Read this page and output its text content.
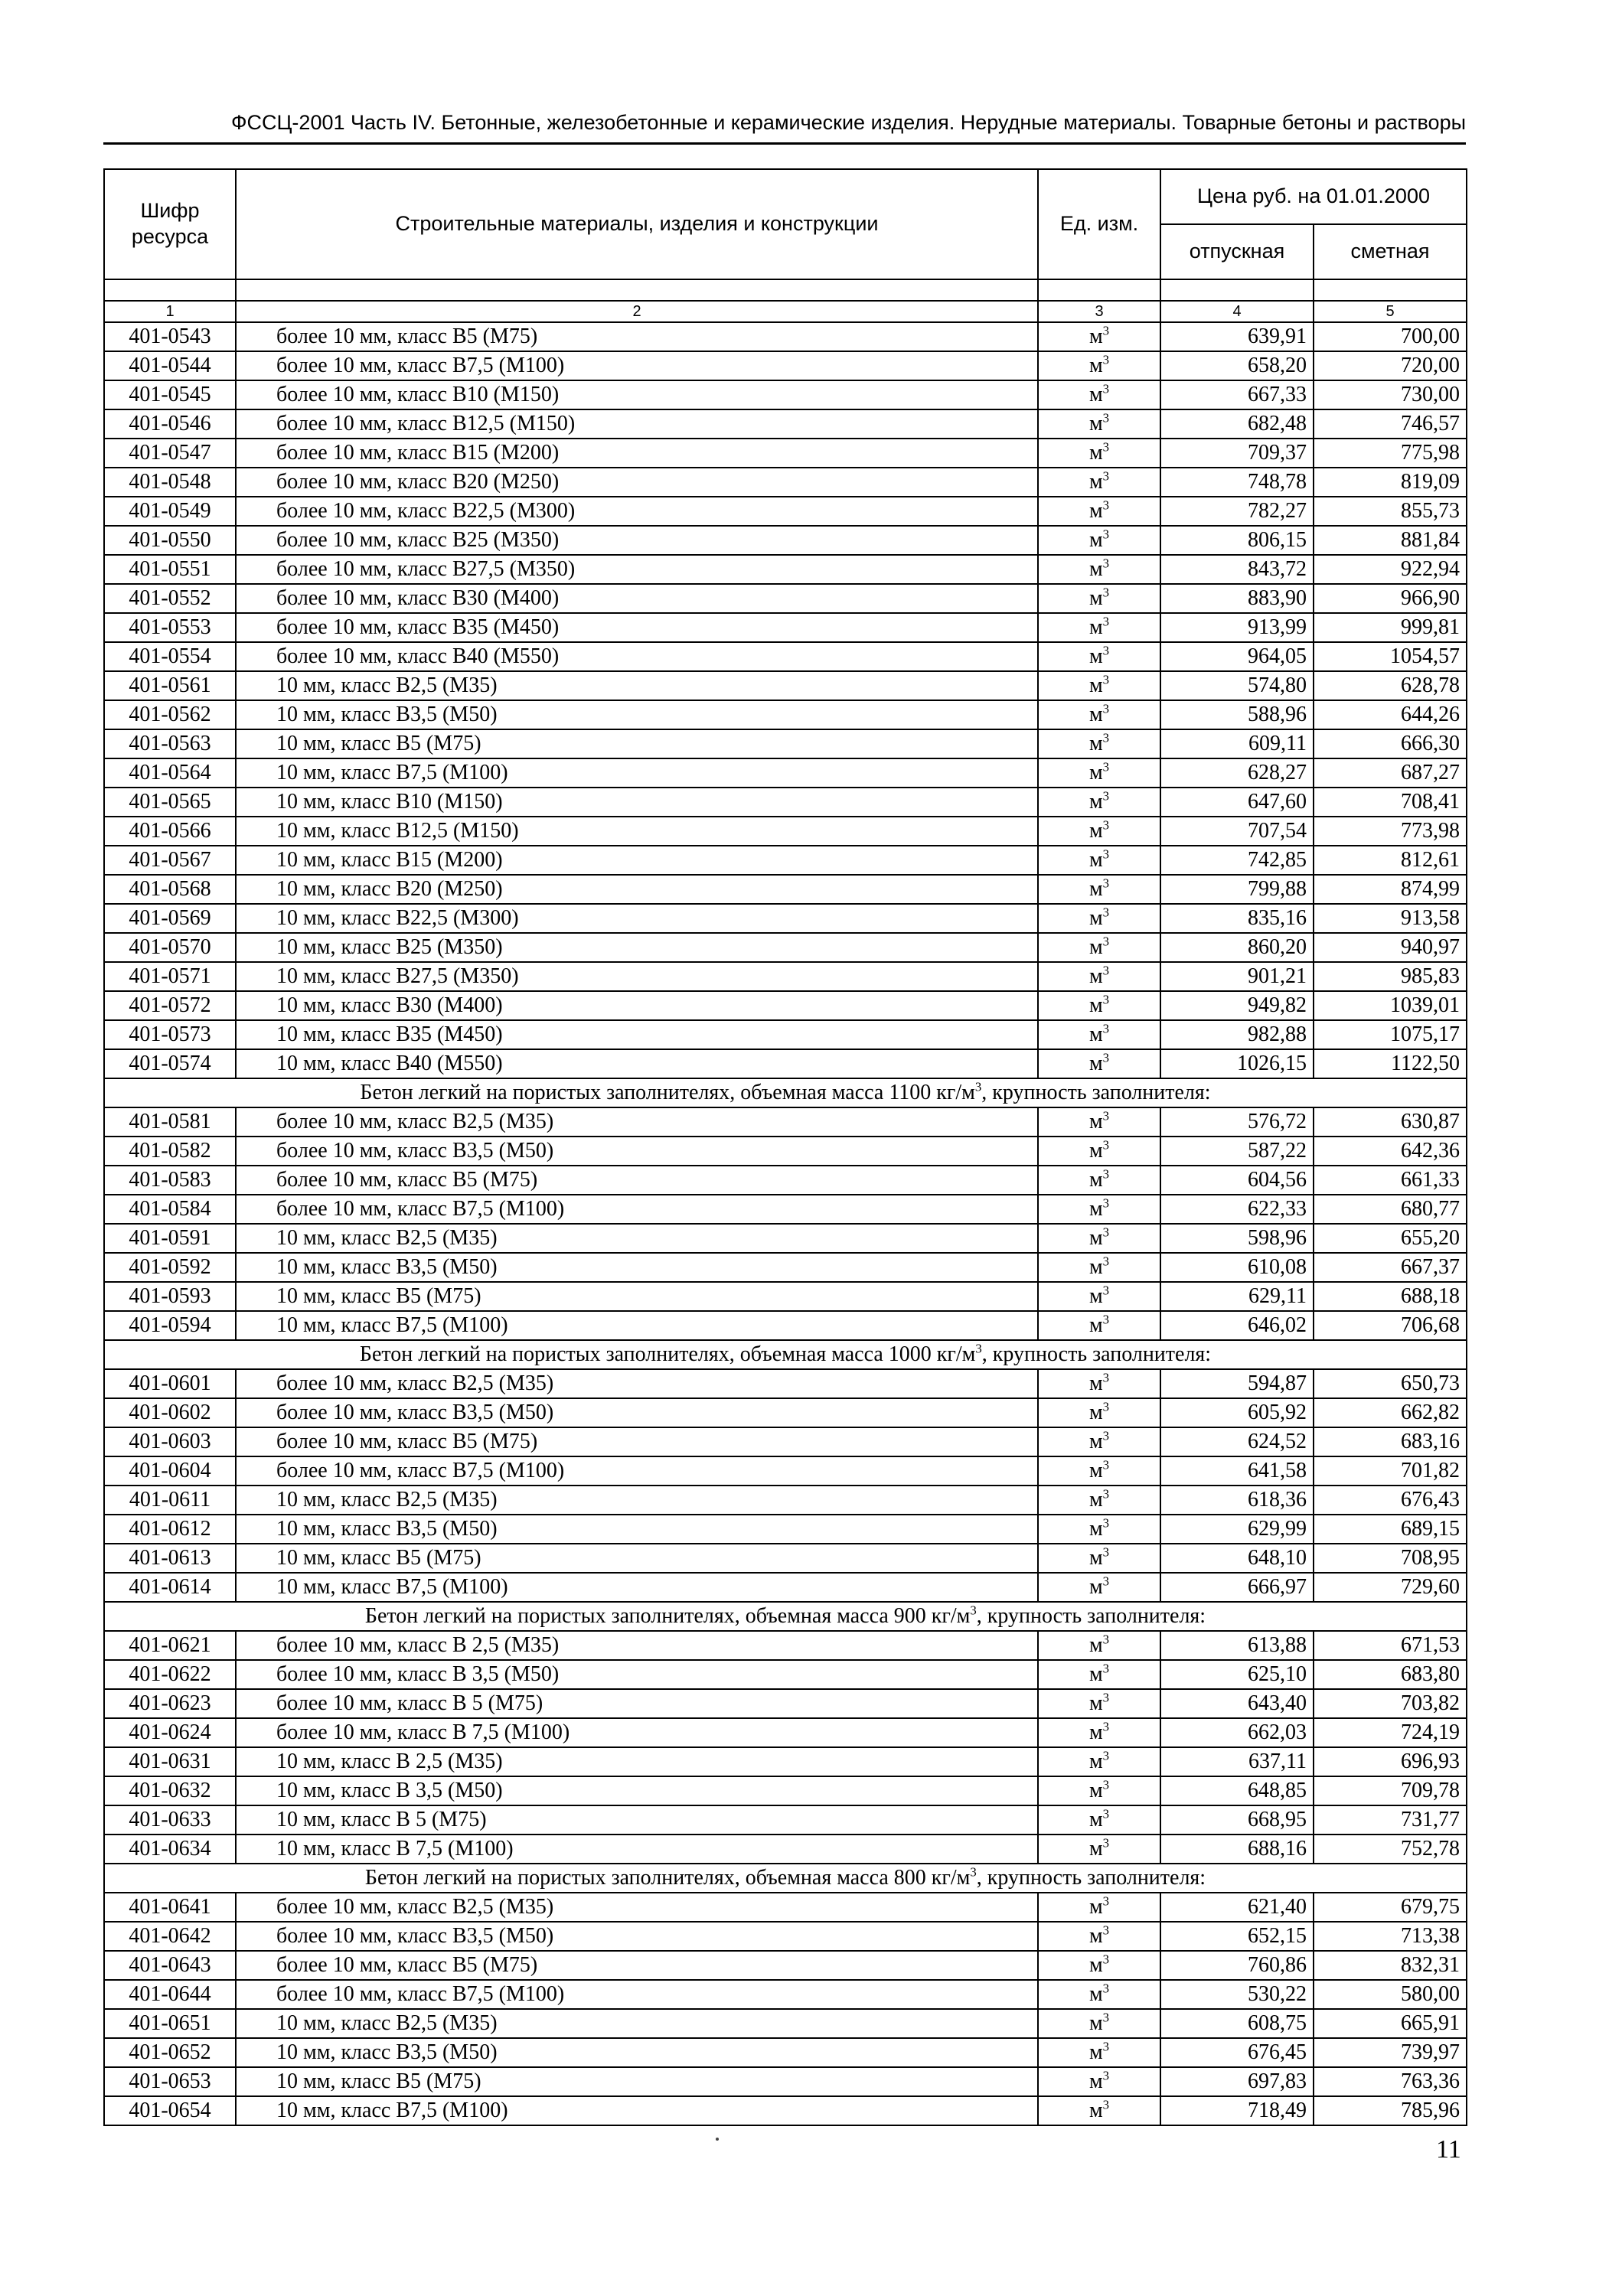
ФССЦ-2001 Часть IV. Бетонные, железобетонные и керамические изделия. Нерудные материалы. Товарные бетоны и растворы
Шифр ресурса	Строительные материалы, изделия и конструкции	Ед. изм.	Цена руб. на 01.01.2000	
			отпускная	сметная

1	2	3	4	5
401-0543	более 10 мм, класс В5 (М75)	$м^3$	639,91	700,00
401-0544	более 10 мм, класс В7,5 (М100)	$м^3$	658,20	720,00
401-0545	более 10 мм, класс В10 (М150)	$м^3$	667,33	730,00
401-0546	более 10 мм, класс В12,5 (М150)	$м^3$	682,48	746,57
401-0547	более 10 мм, класс В15 (М200)	$м^3$	709,37	775,98
401-0548	более 10 мм, класс В20 (М250)	$м^3$	748,78	819,09
401-0549	более 10 мм, класс В22,5 (М300)	$м^3$	782,27	855,73
401-0550	более 10 мм, класс В25 (М350)	$м^3$	806,15	881,84
401-0551	более 10 мм, класс В27,5 (М350)	$м^3$	843,72	922,94
401-0552	более 10 мм, класс В30 (М400)	$м^3$	883,90	966,90
401-0553	более 10 мм, класс В35 (М450)	$м^3$	913,99	999,81
401-0554	более 10 мм, класс В40 (М550)	$м^3$	964,05	1054,57
401-0561	10 мм, класс В2,5 (М35)	$м^3$	574,80	628,78
401-0562	10 мм, класс В3,5 (М50)	$м^3$	588,96	644,26
401-0563	10 мм, класс В5 (М75)	$м^3$	609,11	666,30
401-0564	10 мм, класс В7,5 (М100)	$м^3$	628,27	687,27
401-0565	10 мм, класс В10 (М150)	$м^3$	647,60	708,41
401-0566	10 мм, класс В12,5 (М150)	$м^3$	707,54	773,98
401-0567	10 мм, класс В15 (М200)	$м^3$	742,85	812,61
401-0568	10 мм, класс В20 (М250)	$м^3$	799,88	874,99
401-0569	10 мм, класс В22,5 (М300)	$м^3$	835,16	913,58
401-0570	10 мм, класс В25 (М350)	$м^3$	860,20	940,97
401-0571	10 мм, класс В27,5 (М350)	$м^3$	901,21	985,83
401-0572	10 мм, класс В30 (М400)	$м^3$	949,82	1039,01
401-0573	10 мм, класс В35 (М450)	$м^3$	982,88	1075,17
401-0574	10 мм, класс В40 (М550)	$м^3$	1026,15	1122,50
Бетон легкий на пористых заполнителях, объемная масса 1100 $кг/м^3$, крупность заполнителя:				
401-0581	более 10 мм, класс В2,5 (М35)	$м^3$	576,72	630,87
401-0582	более 10 мм, класс В3,5 (М50)	$м^3$	587,22	642,36
401-0583	более 10 мм, класс В5 (М75)	$м^3$	604,56	661,33
401-0584	более 10 мм, класс В7,5 (М100)	$м^3$	622,33	680,77
401-0591	10 мм, класс В2,5 (М35)	$м^3$	598,96	655,20
401-0592	10 мм, класс В3,5 (М50)	$м^3$	610,08	667,37
401-0593	10 мм, класс В5 (М75)	$м^3$	629,11	688,18
401-0594	10 мм, класс В7,5 (М100)	$м^3$	646,02	706,68
Бетон легкий на пористых заполнителях, объемная масса 1000 $кг/м^3$, крупность заполнителя:				
401-0601	более 10 мм, класс В2,5 (М35)	$м^3$	594,87	650,73
401-0602	более 10 мм, класс В3,5 (М50)	$м^3$	605,92	662,82
401-0603	более 10 мм, класс В5 (М75)	$м^3$	624,52	683,16
401-0604	более 10 мм, класс В7,5 (М100)	$м^3$	641,58	701,82
401-0611	10 мм, класс В2,5 (М35)	$м^3$	618,36	676,43
401-0612	10 мм, класс В3,5 (М50)	$м^3$	629,99	689,15
401-0613	10 мм, класс В5 (М75)	$м^3$	648,10	708,95
401-0614	10 мм, класс В7,5 (М100)	$м^3$	666,97	729,60
Бетон легкий на пористых заполнителях, объемная масса 900 $кг/м^3$, крупность заполнителя:				
401-0621	более 10 мм, класс В 2,5 (М35)	$м^3$	613,88	671,53
401-0622	более 10 мм, класс В 3,5 (М50)	$м^3$	625,10	683,80
401-0623	более 10 мм, класс В 5 (М75)	$м^3$	643,40	703,82
401-0624	более 10 мм, класс В 7,5 (М100)	$м^3$	662,03	724,19
401-0631	10 мм, класс В 2,5 (М35)	$м^3$	637,11	696,93
401-0632	10 мм, класс В 3,5 (М50)	$м^3$	648,85	709,78
401-0633	10 мм, класс В 5 (М75)	$м^3$	668,95	731,77
401-0634	10 мм, класс В 7,5 (М100)	$м^3$	688,16	752,78
Бетон легкий на пористых заполнителях, объемная масса 800 $кг/м^3$, крупность заполнителя:				
401-0641	более 10 мм, класс В2,5 (М35)	$м^3$	621,40	679,75
401-0642	более 10 мм, класс В3,5 (М50)	$м^3$	652,15	713,38
401-0643	более 10 мм, класс В5 (М75)	$м^3$	760,86	832,31
401-0644	более 10 мм, класс В7,5 (М100)	$м^3$	530,22	580,00
401-0651	10 мм, класс В2,5 (М35)	$м^3$	608,75	665,91
401-0652	10 мм, класс В3,5 (М50)	$м^3$	676,45	739,97
401-0653	10 мм, класс В5 (М75)	$м^3$	697,83	763,36
401-0654	10 мм, класс В7,5 (М100)	$м^3$	718,49	785,96
11
